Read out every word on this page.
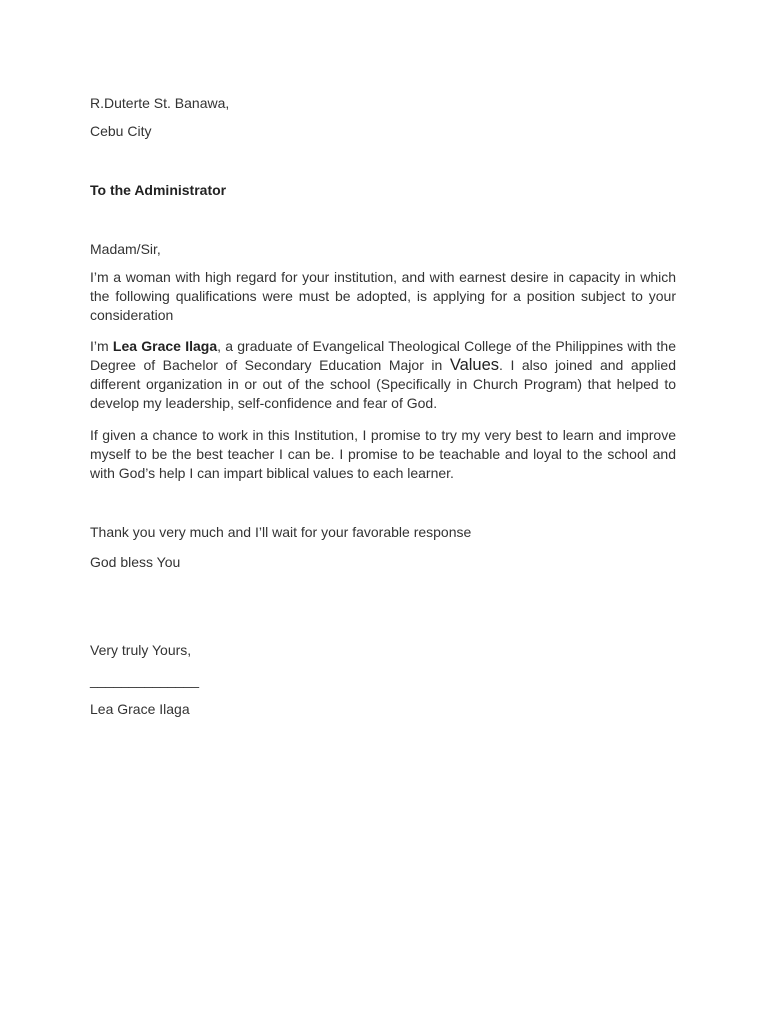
R.Duterte St. Banawa,
Cebu City
To the Administrator
Madam/Sir,
I’m a woman with high regard for your institution, and with earnest desire in capacity in which the following qualifications were must be adopted, is applying for a position subject to your consideration
I’m Lea Grace Ilaga, a graduate of Evangelical Theological College of the Philippines with the Degree of Bachelor of Secondary Education Major in Values. I also joined and applied different organization in or out of the school (Specifically in Church Program) that helped to develop my leadership, self-confidence and fear of God.
If given a chance to work in this Institution, I promise to try my very best to learn and improve myself to be the best teacher I can be. I promise to be teachable and loyal to the school and with God’s help I can impart biblical values to each learner.
Thank you very much and I’ll wait for your favorable response
God bless You
Very truly Yours,
______________
Lea Grace Ilaga
